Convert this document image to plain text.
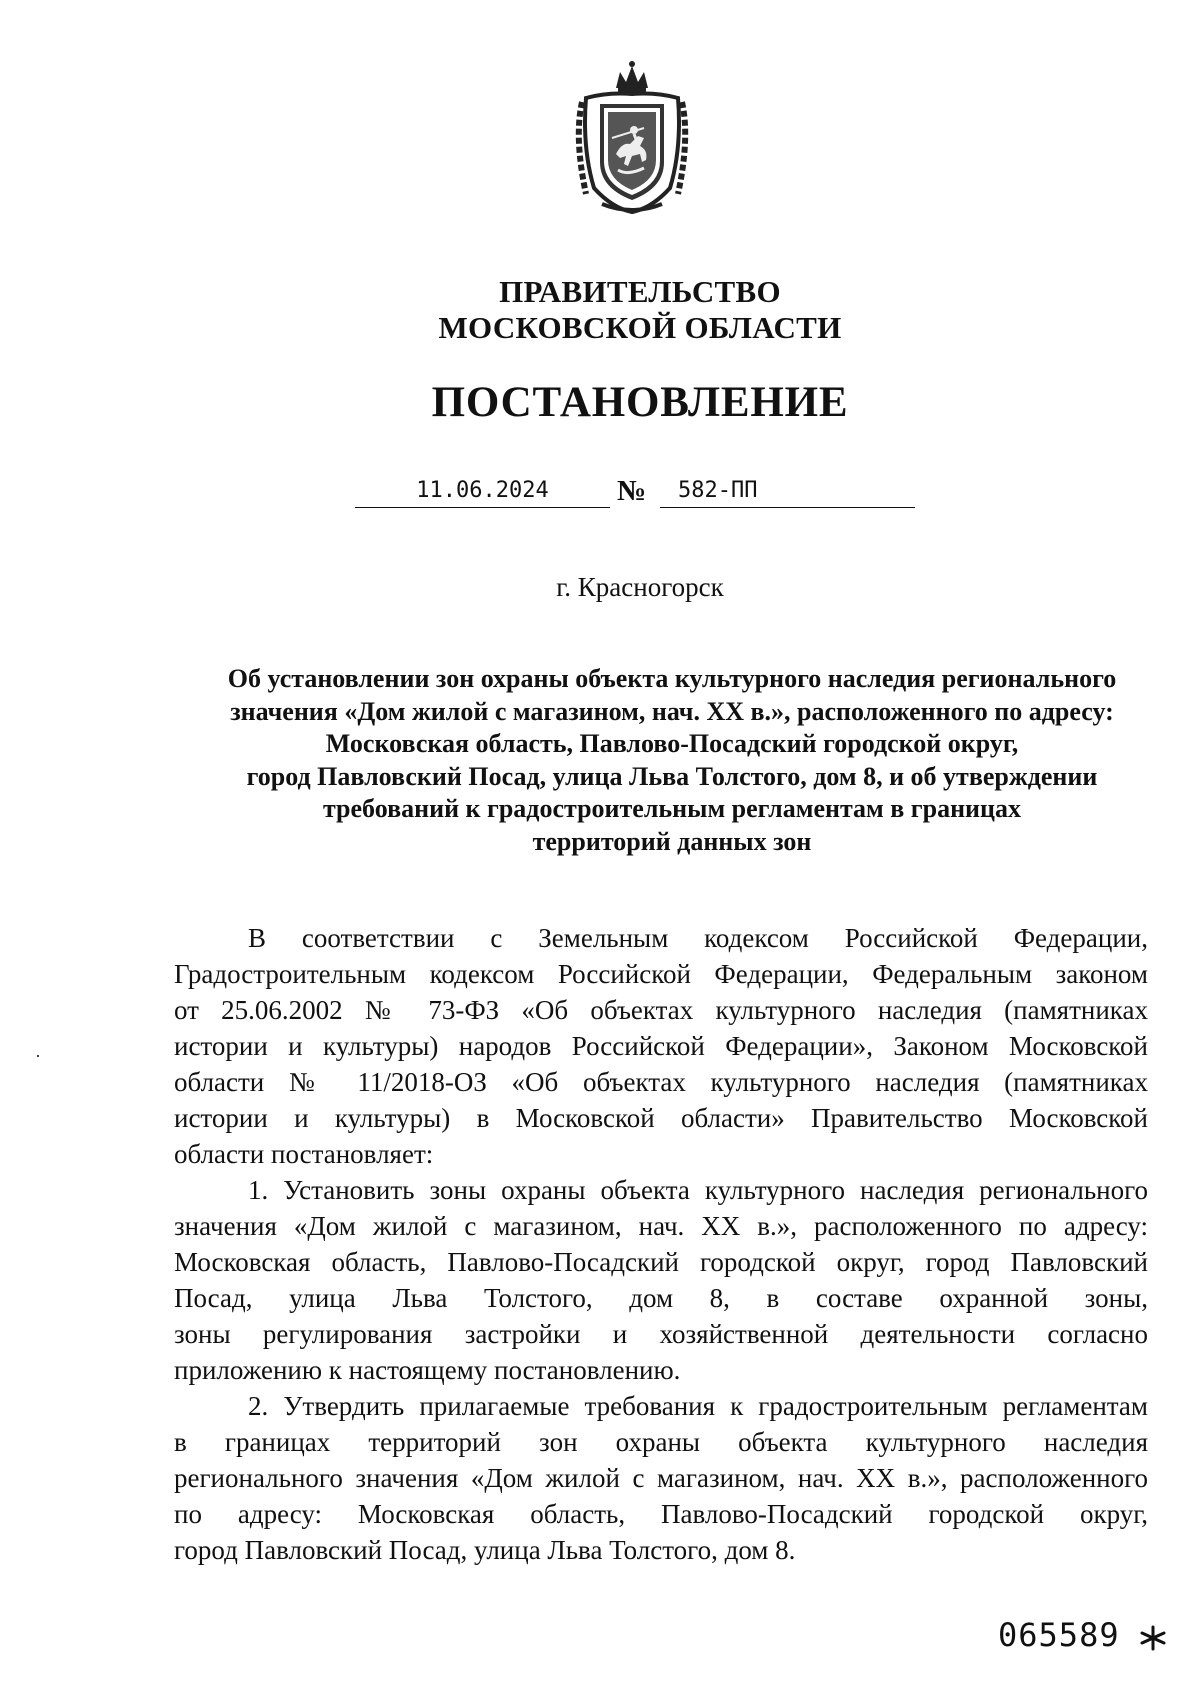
ПРАВИТЕЛЬСТВО
МОСКОВСКОЙ ОБЛАСТИ
ПОСТАНОВЛЕНИЕ
11.06.2024	№	582-ПП
г. Красногорск
Об установлении зон охраны объекта культурного наследия регионального
значения «Дом жилой с магазином, нач. XX в.», расположенного по адресу:
Московская область, Павлово-Посадский городской округ,
город Павловский Посад, улица Льва Толстого, дом 8, и об утверждении
требований к градостроительным регламентам в границах
территорий данных зон
В соответствии с Земельным кодексом Российской Федерации,
Градостроительным кодексом Российской Федерации, Федеральным законом
от 25.06.2002 № 73-ФЗ «Об объектах культурного наследия (памятниках
истории и культуры) народов Российской Федерации», Законом Московской
области № 11/2018-ОЗ «Об объектах культурного наследия (памятниках
истории и культуры) в Московской области» Правительство Московской
области постановляет:
1. Установить зоны охраны объекта культурного наследия регионального
значения «Дом жилой с магазином, нач. XX в.», расположенного по адресу:
Московская область, Павлово-Посадский городской округ, город Павловский
Посад, улица Льва Толстого, дом 8, в составе охранной зоны,
зоны регулирования застройки и хозяйственной деятельности согласно
приложению к настоящему постановлению.
2. Утвердить прилагаемые требования к градостроительным регламентам
в границах территорий зон охраны объекта культурного наследия
регионального значения «Дом жилой с магазином, нач. XX в.», расположенного
по адресу: Московская область, Павлово-Посадский городской округ,
город Павловский Посад, улица Льва Толстого, дом 8.
065589
